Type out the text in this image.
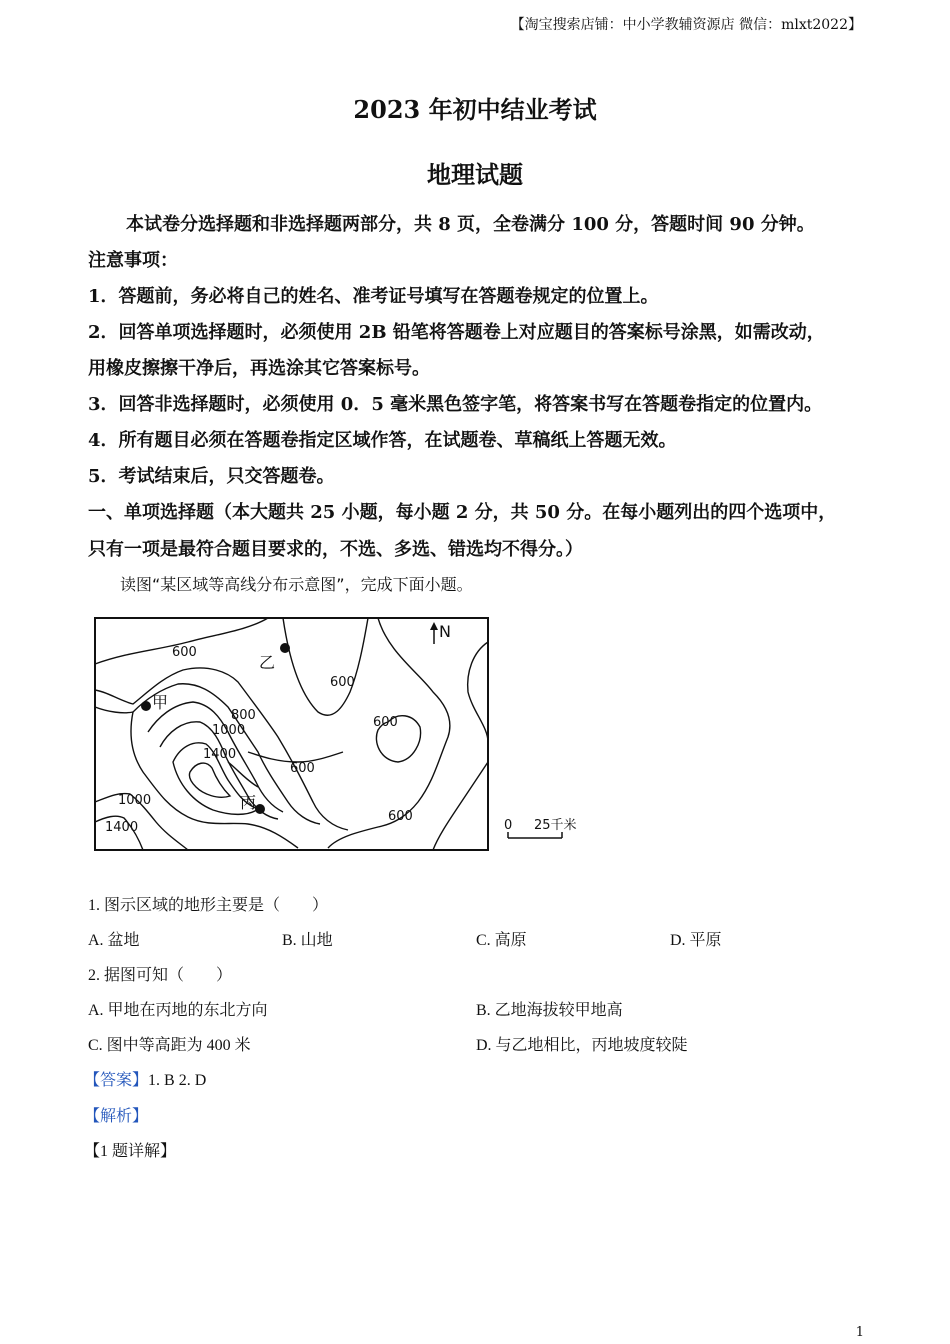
【淘宝搜索店铺：中小学教辅资源店 微信：mlxt2022】
2023 年初中结业考试
地理试题
本试卷分选择题和非选择题两部分，共 8 页，全卷满分 100 分，答题时间 90 分钟。
注意事项：
1．答题前，务必将自己的姓名、准考证号填写在答题卷规定的位置上。
2．回答单项选择题时，必须使用 2B 铅笔将答题卷上对应题目的答案标号涂黑，如需改动，
用橡皮擦擦干净后，再选涂其它答案标号。
3．回答非选择题时，必须使用 0．5 毫米黑色签字笔，将答案书写在答题卷指定的位置内。
4．所有题目必须在答题卷指定区域作答，在试题卷、草稿纸上答题无效。
5．考试结束后，只交答题卷。
一、单项选择题（本大题共 25 小题，每小题 2 分，共 50 分。在每小题列出的四个选项中，
只有一项是最符合题目要求的，不选、多选、错选均不得分。）
读图“某区域等高线分布示意图”，完成下面小题。
600
600
600
800
1000
1400
600
600
1000
1400
甲
乙
丙
N
0 25千米
1. 图示区域的地形主要是（　　）
A. 盆地	B. 山地	C. 高原	D. 平原
2. 据图可知（　　）
A. 甲地在丙地的东北方向	B. 乙地海拔较甲地高
C. 图中等高距为 400 米	D. 与乙地相比，丙地坡度较陡
【答案】1. B 2. D
【解析】
【1 题详解】
1
